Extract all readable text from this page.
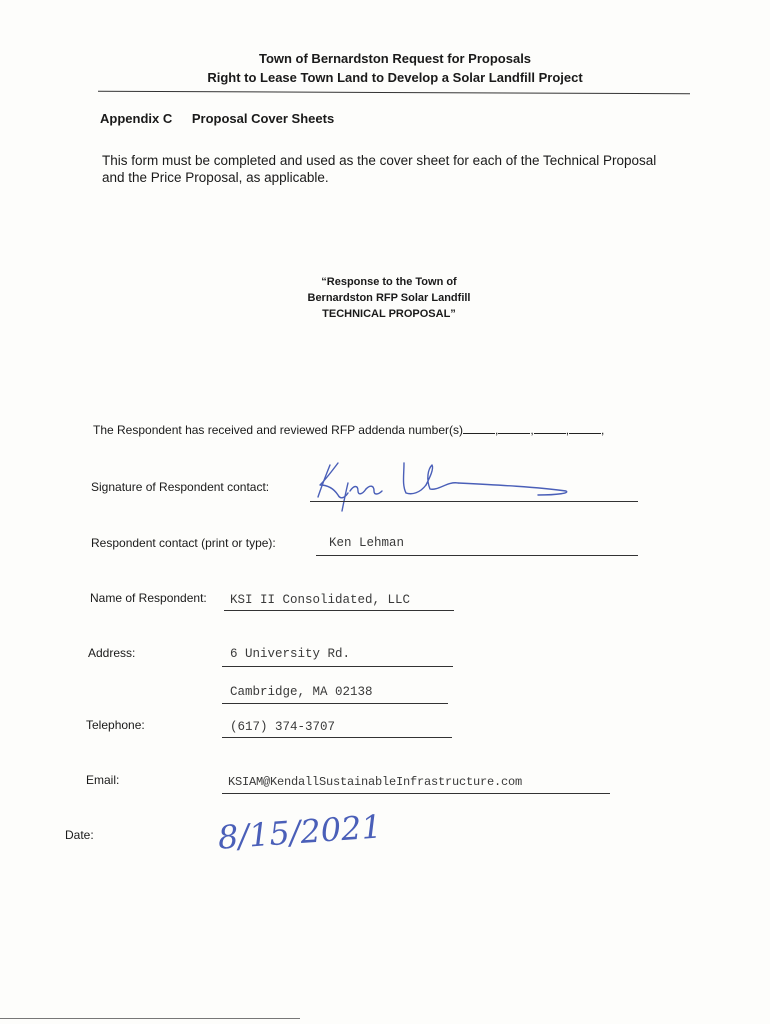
Town of Bernardston Request for Proposals
Right to Lease Town Land to Develop a Solar Landfill Project
Appendix C Proposal Cover Sheets
This form must be completed and used as the cover sheet for each of the Technical Proposal and the Price Proposal, as applicable.
“Response to the Town of
Bernardston RFP Solar Landfill
TECHNICAL PROPOSAL”
The Respondent has received and reviewed RFP addenda number(s)	,	,	,	,
Signature of Respondent contact:
Respondent contact (print or type):	Ken Lehman
Name of Respondent: KSI II Consolidated, LLC
Address:	6 University Rd.
Cambridge, MA 02138
Telephone:	(617) 374-3707
Email:	KSIAM@KendallSustainableInfrastructure.com
Date:	8/15/2021
